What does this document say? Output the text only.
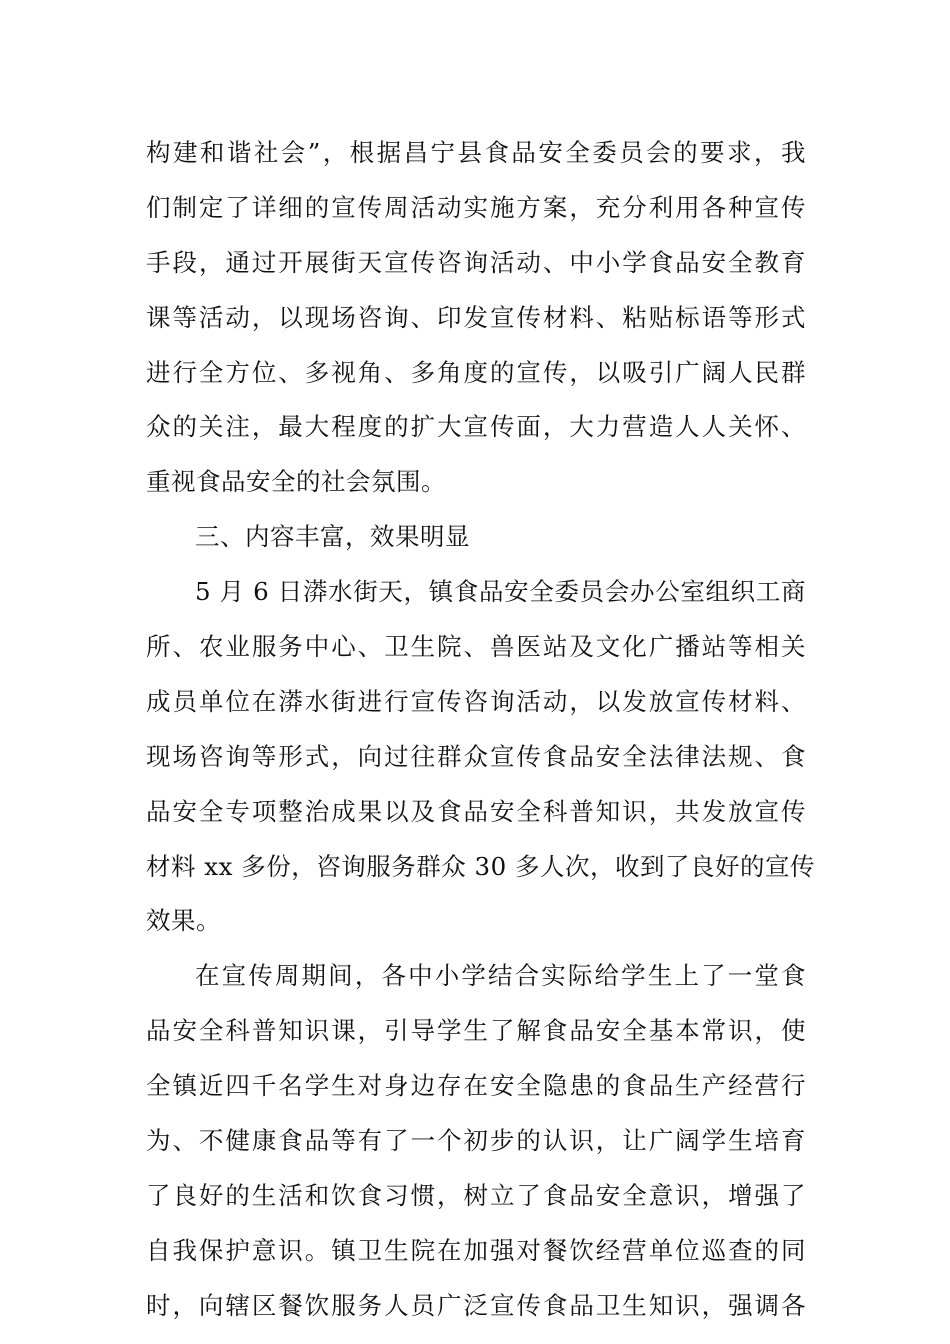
构建和谐社会”，根据昌宁县食品安全委员会的要求，我
们制定了详细的宣传周活动实施方案，充分利用各种宣传
手段，通过开展街天宣传咨询活动、中小学食品安全教育
课等活动，以现场咨询、印发宣传材料、粘贴标语等形式
进行全方位、多视角、多角度的宣传，以吸引广阔人民群
众的关注，最大程度的扩大宣传面，大力营造人人关怀、
重视食品安全的社会氛围。
三、内容丰富，效果明显
5 月 6 日漭水街天，镇食品安全委员会办公室组织工商
所、农业服务中心、卫生院、兽医站及文化广播站等相关
成员单位在漭水街进行宣传咨询活动，以发放宣传材料、
现场咨询等形式，向过往群众宣传食品安全法律法规、食
品安全专项整治成果以及食品安全科普知识，共发放宣传
材料 xx 多份，咨询服务群众 30 多人次，收到了良好的宣传
效果。
在宣传周期间，各中小学结合实际给学生上了一堂食
品安全科普知识课，引导学生了解食品安全基本常识，使
全镇近四千名学生对身边存在安全隐患的食品生产经营行
为、不健康食品等有了一个初步的认识，让广阔学生培育
了良好的生活和饮食习惯，树立了食品安全意识，增强了
自我保护意识。镇卫生院在加强对餐饮经营单位巡查的同
时，向辖区餐饮服务人员广泛宣传食品卫生知识，强调各
